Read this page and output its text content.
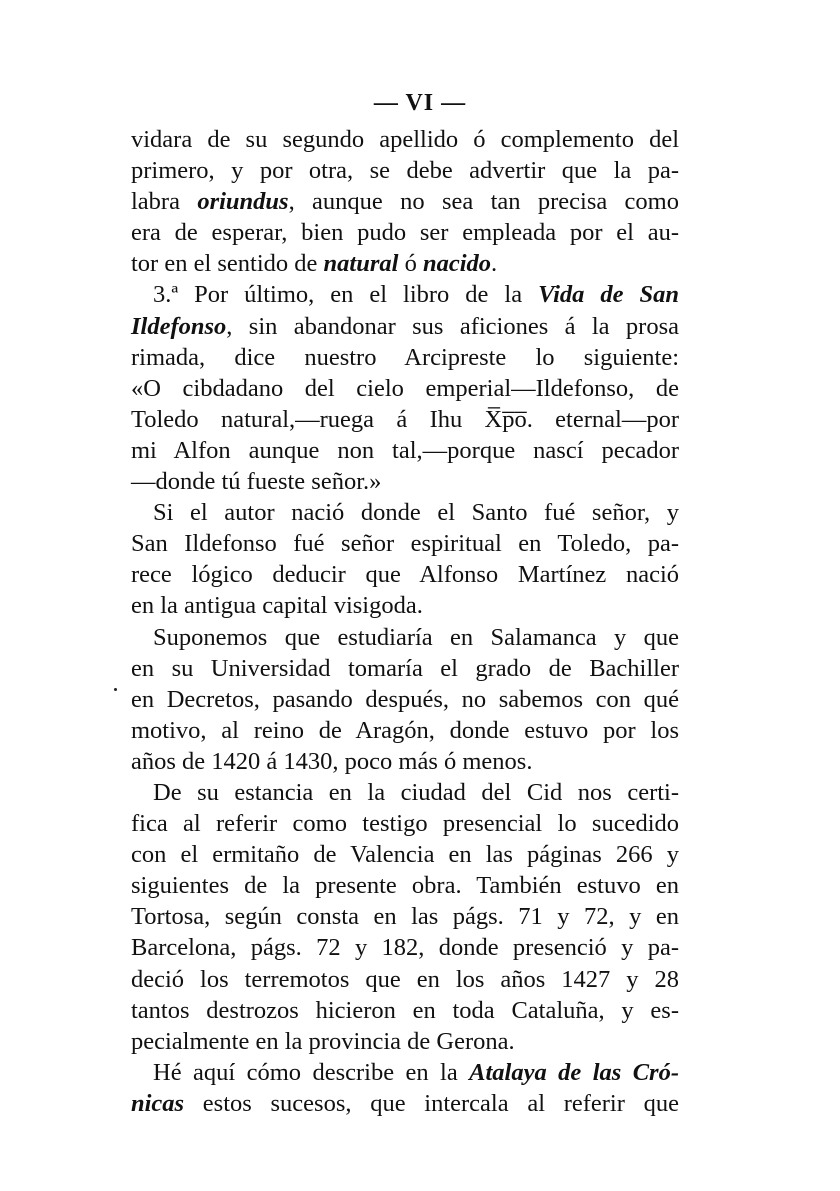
— VI —
vidara de su segundo apellido ó complemento del
primero, y por otra, se debe advertir que la pa-
labra oriundus, aunque no sea tan precisa como
era de esperar, bien pudo ser empleada por el au-
tor en el sentido de natural ó nacido.
3.ª Por último, en el libro de la Vida de San
Ildefonso, sin abandonar sus aficiones á la prosa
rimada, dice nuestro Arcipreste lo siguiente:
«O cibdadano del cielo emperial—Ildefonso, de
Toledo natural,—ruega á Ihu X̅p̅o̅. eternal—por
mi Alfon aunque non tal,—porque nascí pecador
—donde tú fueste señor.»
Si el autor nació donde el Santo fué señor, y
San Ildefonso fué señor espiritual en Toledo, pa-
rece lógico deducir que Alfonso Martínez nació
en la antigua capital visigoda.
Suponemos que estudiaría en Salamanca y que
en su Universidad tomaría el grado de Bachiller
en Decretos, pasando después, no sabemos con qué
motivo, al reino de Aragón, donde estuvo por los
años de 1420 á 1430, poco más ó menos.
De su estancia en la ciudad del Cid nos certi-
fica al referir como testigo presencial lo sucedido
con el ermitaño de Valencia en las páginas 266 y
siguientes de la presente obra. También estuvo en
Tortosa, según consta en las págs. 71 y 72, y en
Barcelona, págs. 72 y 182, donde presenció y pa-
deció los terremotos que en los años 1427 y 28
tantos destrozos hicieron en toda Cataluña, y es-
pecialmente en la provincia de Gerona.
Hé aquí cómo describe en la Atalaya de las Cró-
nicas estos sucesos, que intercala al referir que
